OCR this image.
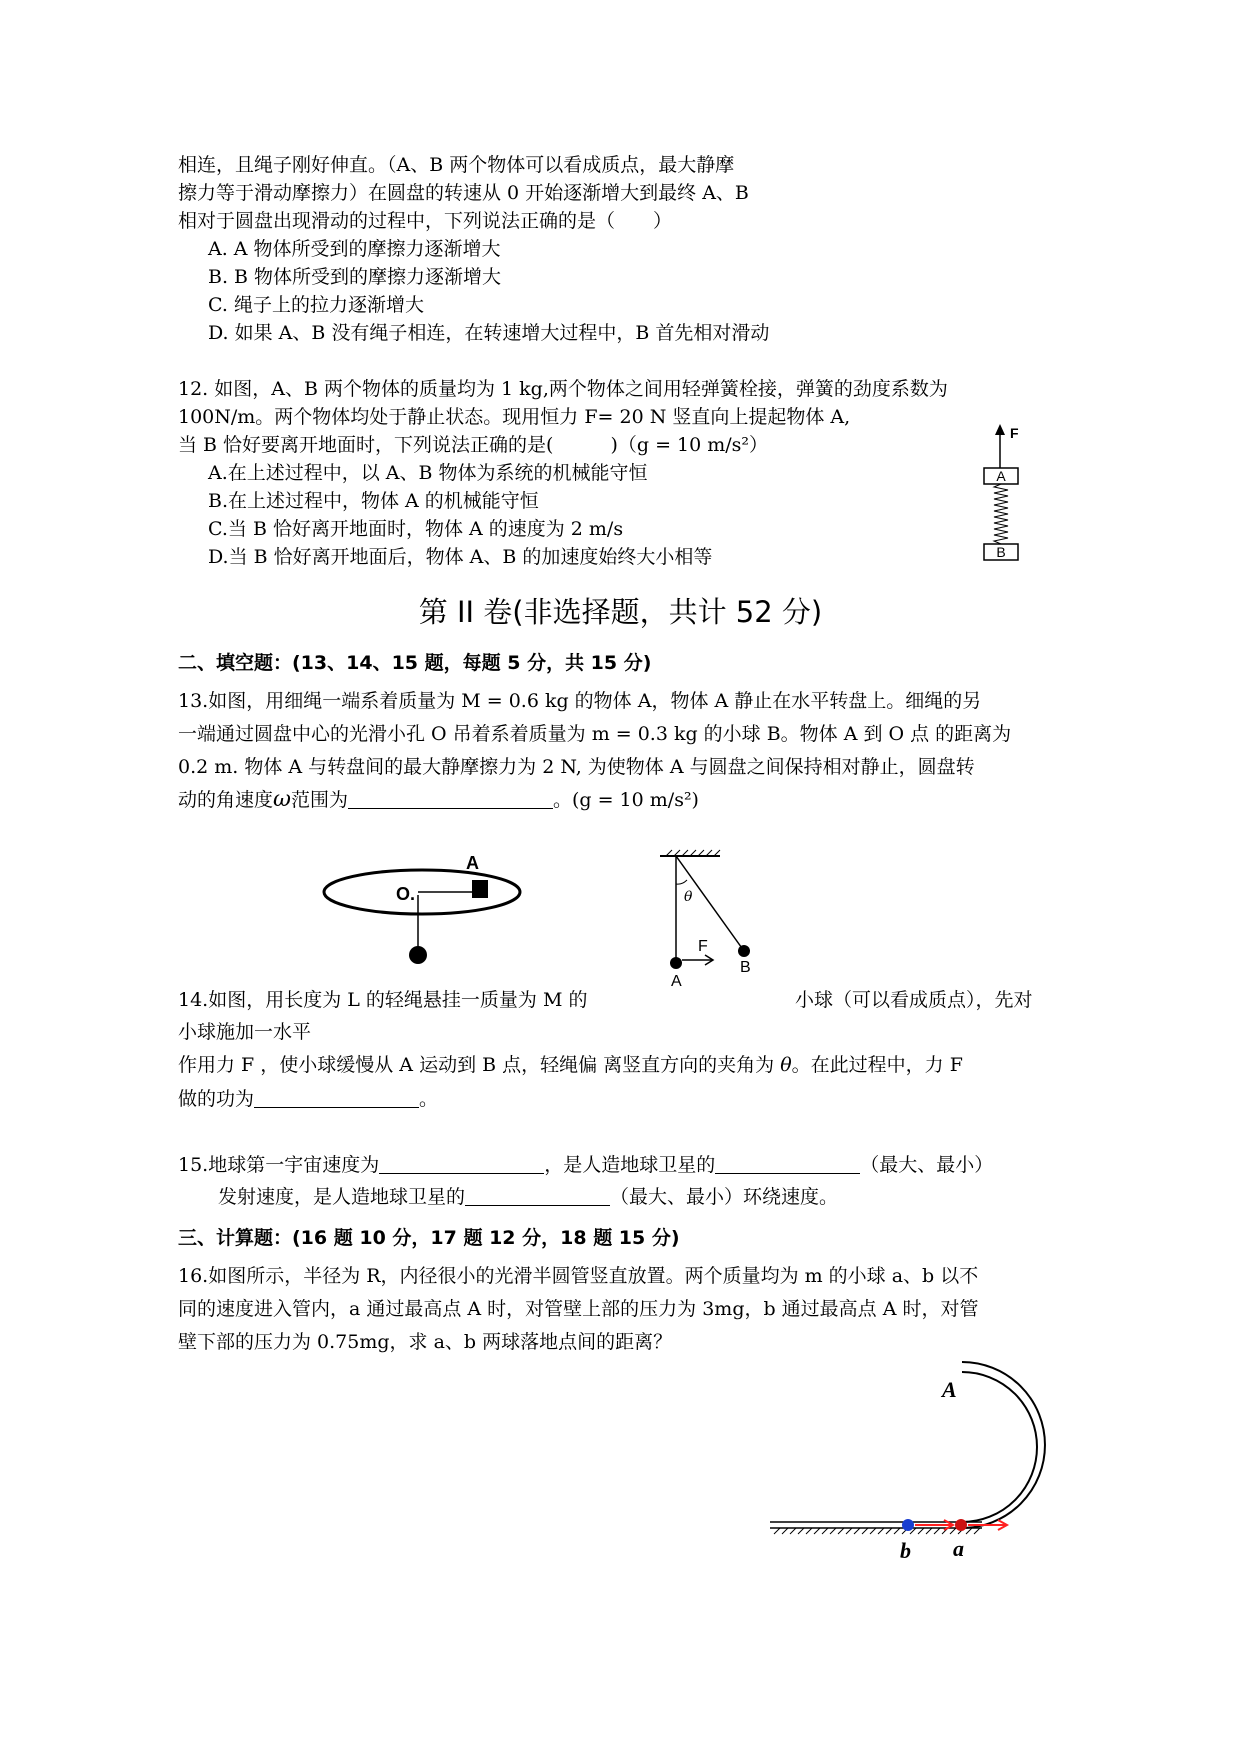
相连，且绳子刚好伸直。（A、B 两个物体可以看成质点，最大静摩
擦力等于滑动摩擦力）在圆盘的转速从 0 开始逐渐增大到最终 A、B
相对于圆盘出现滑动的过程中，下列说法正确的是（　　）
A. A 物体所受到的摩擦力逐渐增大
B. B 物体所受到的摩擦力逐渐增大
C. 绳子上的拉力逐渐增大
D. 如果 A、B 没有绳子相连，在转速增大过程中，B 首先相对滑动
12. 如图，A、B 两个物体的质量均为 1 kg,两个物体之间用轻弹簧栓接，弹簧的劲度系数为
100N/m。两个物体均处于静止状态。现用恒力 F= 20 N 竖直向上提起物体 A,
当 B 恰好要离开地面时，下列说法正确的是(　　　)（g = 10 m/s²）
A.在上述过程中，以 A、B 物体为系统的机械能守恒
B.在上述过程中，物体 A 的机械能守恒
C.当 B 恰好离开地面时，物体 A 的速度为 2 m/s
D.当 B 恰好离开地面后，物体 A、B 的加速度始终大小相等
F
A
B
第 II 卷(非选择题，共计 52 分)
二、填空题：(13、14、15 题，每题 5 分，共 15 分)
13.如图，用细绳一端系着质量为 M = 0.6 kg 的物体 A，物体 A 静止在水平转盘上。细绳的另
一端通过圆盘中心的光滑小孔 O 吊着系着质量为 m = 0.3 kg 的小球 B。物体 A 到 O 点 的距离为
0.2 m. 物体 A 与转盘间的最大静摩擦力为 2 N, 为使物体 A 与圆盘之间保持相对静止，圆盘转
动的角速度ω范围为	。(g = 10 m/s²)
A
O.	θ
F
A
B
14.如图，用长度为 L 的轻绳悬挂一质量为 M 的	小球（可以看成质点），先对
小球施加一水平
作用力 F ，使小球缓慢从 A 运动到 B 点，轻绳偏 离竖直方向的夹角为 θ。在此过程中，力 F
做的功为	。
15.地球第一宇宙速度为	，是人造地球卫星的	（最大、最小）
发射速度，是人造地球卫星的	（最大、最小）环绕速度。
三、计算题：(16 题 10 分，17 题 12 分，18 题 15 分)
16.如图所示，半径为 R，内径很小的光滑半圆管竖直放置。两个质量均为 m 的小球 a、b 以不
同的速度进入管内，a 通过最高点 A 时，对管壁上部的压力为 3mg，b 通过最高点 A 时，对管
壁下部的压力为 0.75mg，求 a、b 两球落地点间的距离？
A
b a
